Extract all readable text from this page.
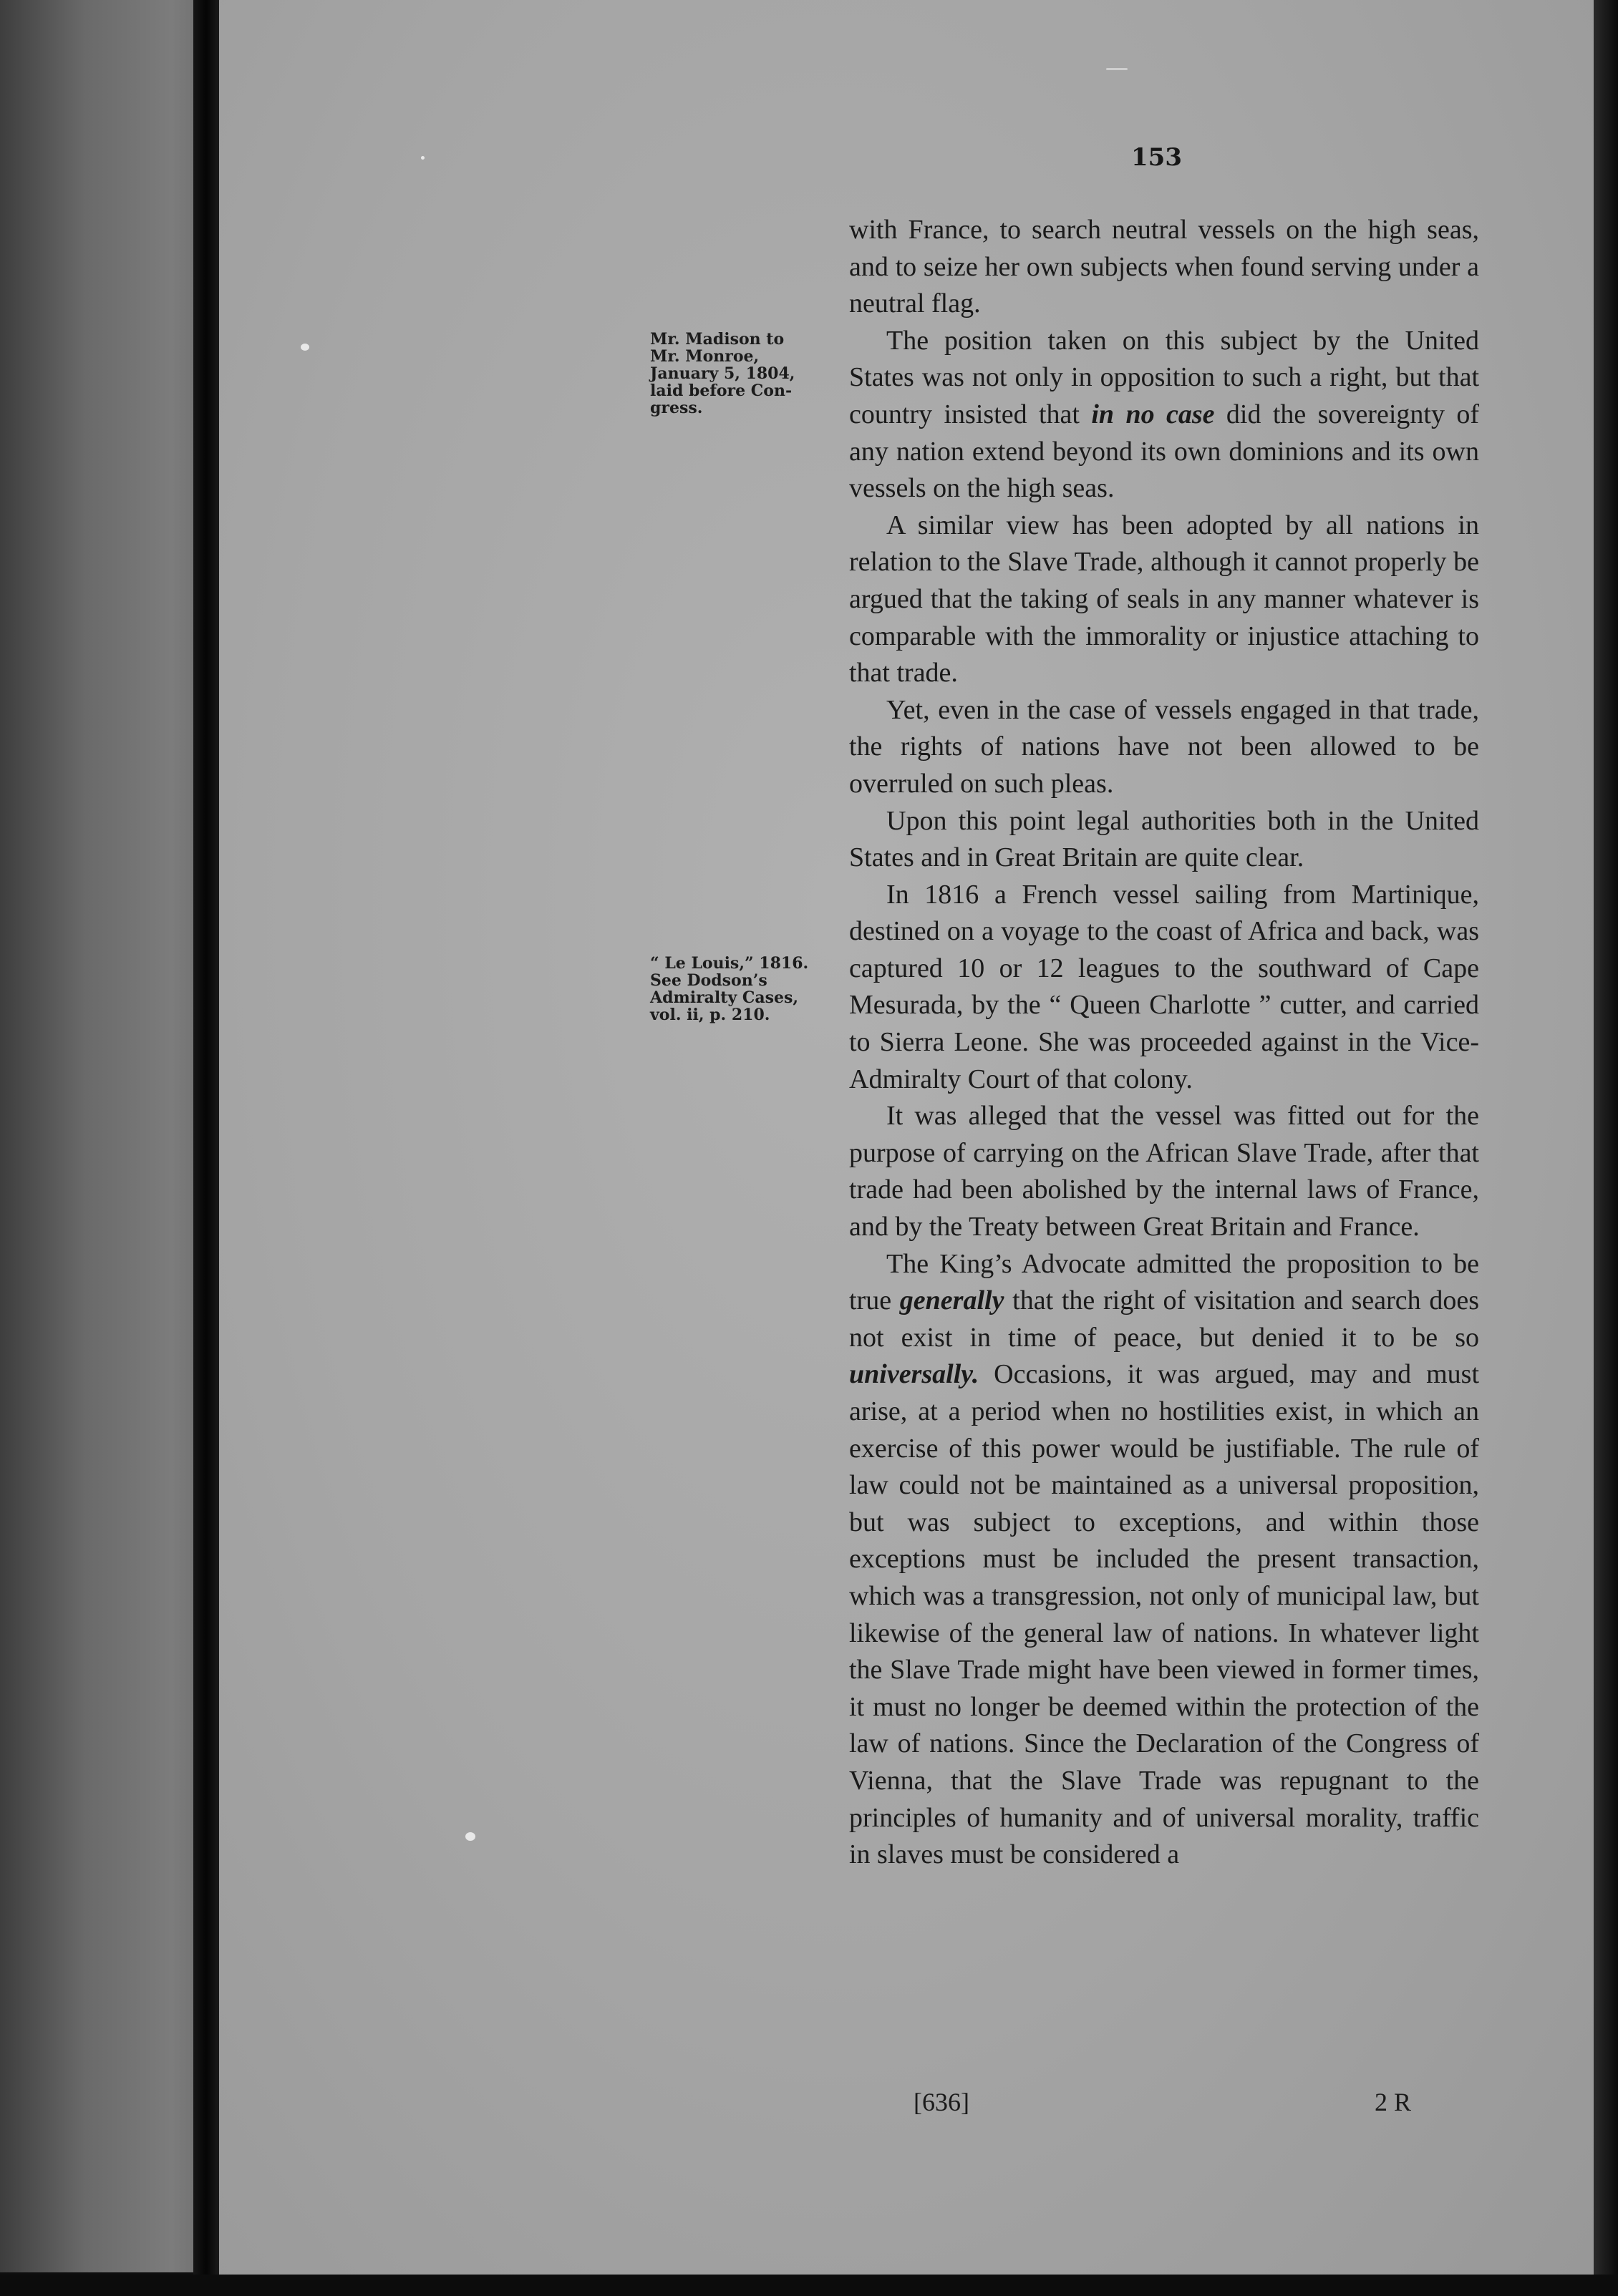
153
Mr. Madison to
Mr. Monroe,
January 5, 1804,
laid before Con-
gress.
“ Le Louis,” 1816.
See Dodson’s
Admiralty Cases,
vol. ii, p. 210.

with France, to search neutral vessels on the high seas, and to seize her own subjects when found serving under a neutral flag.

The position taken on this subject by the United States was not only in opposition to such a right, but that country insisted that in no case did the sovereignty of any nation extend beyond its own dominions and its own vessels on the high seas.

A similar view has been adopted by all nations in relation to the Slave Trade, although it cannot properly be argued that the taking of seals in any manner whatever is comparable with the immorality or injustice attaching to that trade.

Yet, even in the case of vessels engaged in that trade, the rights of nations have not been allowed to be overruled on such pleas.

Upon this point legal authorities both in the United States and in Great Britain are quite clear.

In 1816 a French vessel sailing from Martinique, destined on a voyage to the coast of Africa and back, was captured 10 or 12 leagues to the southward of Cape Mesurada, by the “ Queen Charlotte ” cutter, and carried to Sierra Leone. She was proceeded against in the Vice-Admiralty Court of that colony.

It was alleged that the vessel was fitted out for the purpose of carrying on the African Slave Trade, after that trade had been abolished by the internal laws of France, and by the Treaty between Great Britain and France.

The King’s Advocate admitted the proposition to be true generally that the right of visitation and search does not exist in time of peace, but denied it to be so universally. Occasions, it was argued, may and must arise, at a period when no hostilities exist, in which an exercise of this power would be justifiable. The rule of law could not be maintained as a universal proposition, but was subject to exceptions, and within those exceptions must be included the present transaction, which was a transgression, not only of municipal law, but likewise of the general law of nations. In whatever light the Slave Trade might have been viewed in former times, it must no longer be deemed within the protection of the law of nations. Since the Declaration of the Congress of Vienna, that the Slave Trade was repugnant to the principles of humanity and of universal morality, traffic in slaves must be considered a

[636]	2 R
